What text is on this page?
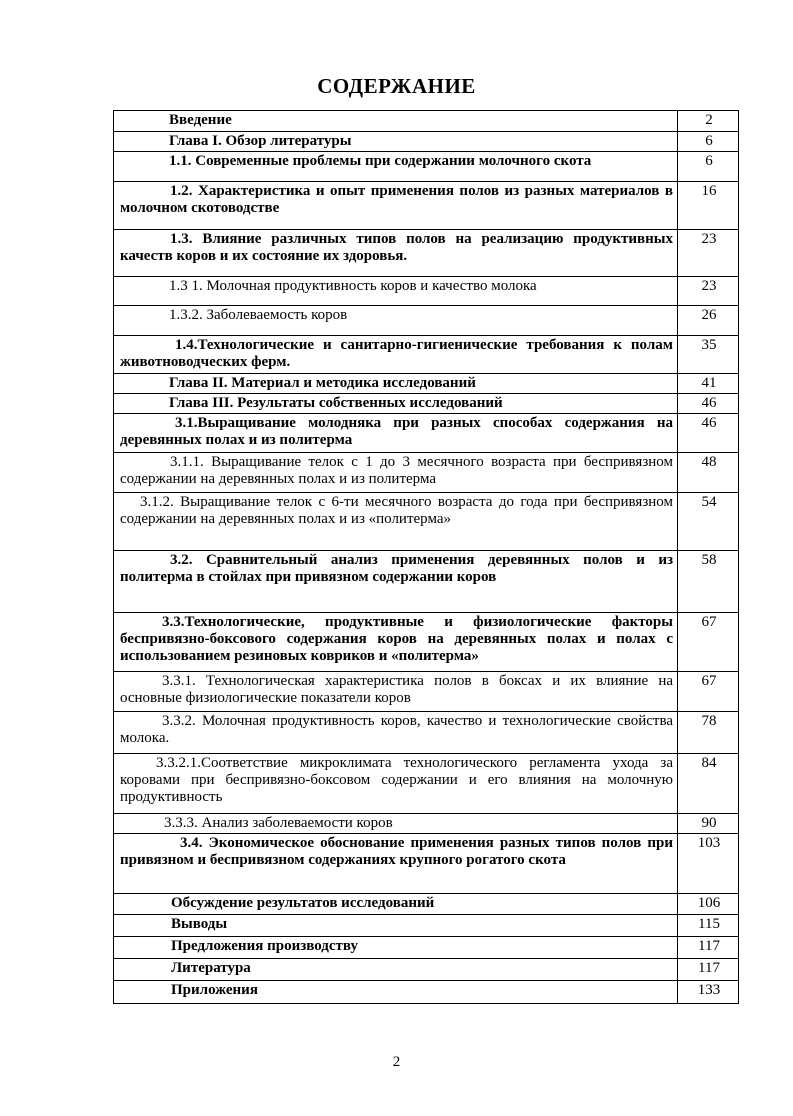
СОДЕРЖАНИЕ
Введение	2
Глава I. Обзор литературы	6
1.1. Современные проблемы при содержании молочного скота	6
1.2. Характеристика и опыт применения полов из разных материалов в молочном скотоводстве	16
1.3. Влияние различных типов полов на реализацию продуктивных качеств коров и их состояние их здоровья.	23
1.3 1. Молочная продуктивность коров и качество молока	23
1.3.2. Заболеваемость коров	26
1.4.Технологические и санитарно-гигиенические требования к полам животноводческих ферм.	35
Глава II. Материал и методика исследований	41
Глава III. Результаты собственных исследований	46
3.1.Выращивание молодняка при разных способах содержания на деревянных полах и из политерма	46
3.1.1. Выращивание телок с 1 до 3 месячного возраста при беспривязном содержании на деревянных полах и из политерма	48
3.1.2. Выращивание телок с 6-ти месячного возраста до года при беспривязном содержании на деревянных полах и из «политерма»	54
3.2. Сравнительный анализ применения деревянных полов и из политерма в стойлах при привязном содержании коров	58
3.3.Технологические, продуктивные и физиологические факторы беспривязно-боксового содержания коров на деревянных полах и полах с использованием резиновых ковриков и «политерма»	67
3.3.1. Технологическая характеристика полов в боксах и их влияние на основные физиологические показатели коров	67
3.3.2. Молочная продуктивность коров, качество и технологические свойства молока.	78
3.3.2.1.Соответствие микроклимата технологического регламента ухода за коровами при беспривязно-боксовом содержании и его влияния на молочную продуктивность	84
3.3.3. Анализ заболеваемости коров	90
3.4. Экономическое обоснование применения разных типов полов при привязном и беспривязном содержаниях крупного рогатого скота	103
Обсуждение результатов исследований	106
Выводы	115
Предложения производству	117
Литература	117
Приложения	133
2
